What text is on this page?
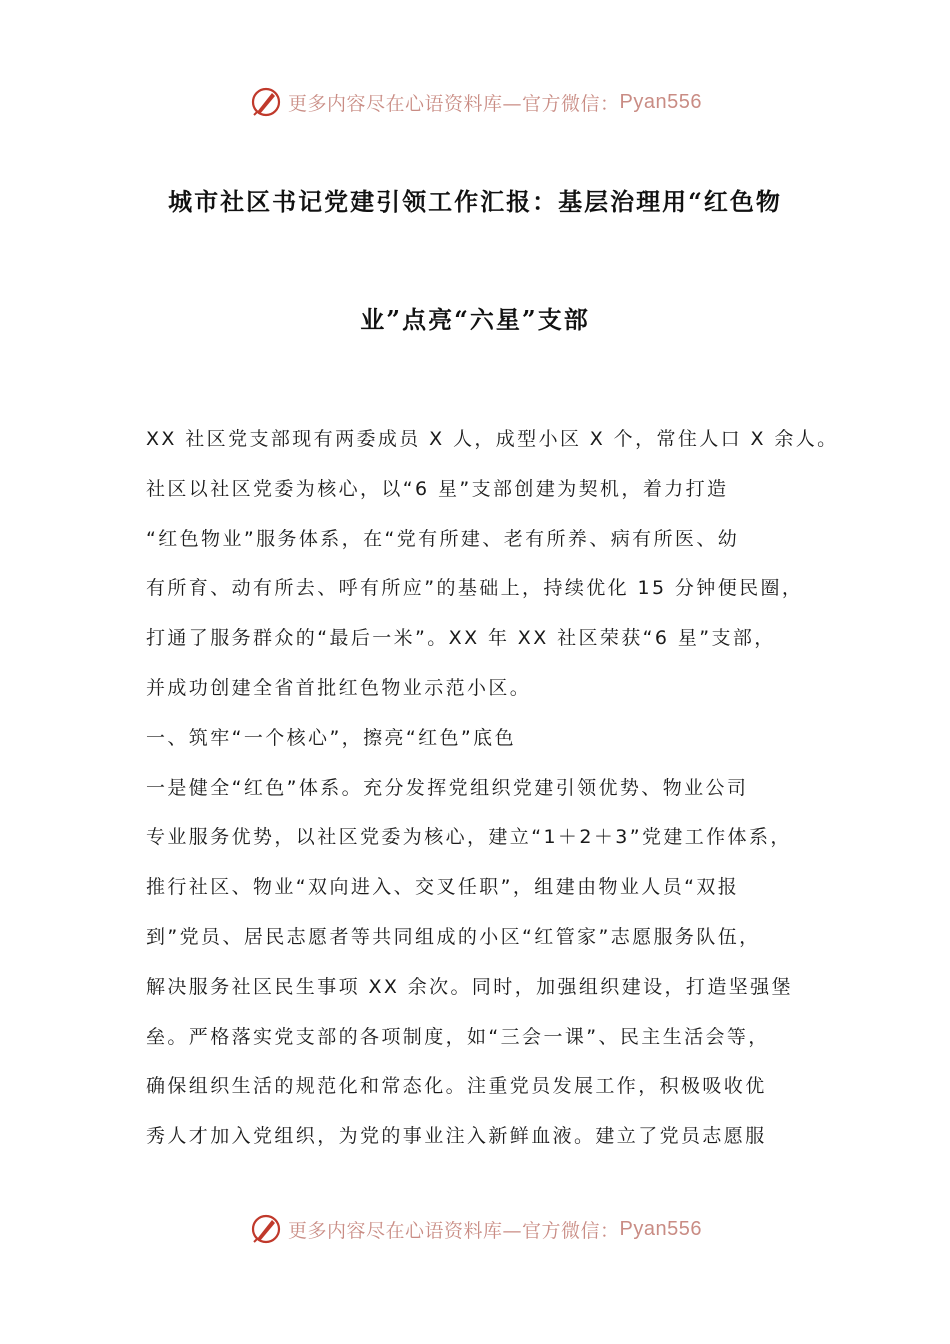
更多内容尽在心语资料库—官方微信： Pyan556
城市社区书记党建引领工作汇报：基层治理用“红色物
业”点亮“六星”支部
XX 社区党支部现有两委成员 X 人，成型小区 X 个，常住人口 X 余人。
社区以社区党委为核心，以“6 星”支部创建为契机，着力打造
“红色物业”服务体系，在“党有所建、老有所养、病有所医、幼
有所育、动有所去、呼有所应”的基础上，持续优化 15 分钟便民圈，
打通了服务群众的“最后一米”。XX 年 XX 社区荣获“6 星”支部，
并成功创建全省首批红色物业示范小区。
一、筑牢“一个核心”，擦亮“红色”底色
一是健全“红色”体系。充分发挥党组织党建引领优势、物业公司
专业服务优势，以社区党委为核心，建立“1＋2＋3”党建工作体系，
推行社区、物业“双向进入、交叉任职”，组建由物业人员“双报
到”党员、居民志愿者等共同组成的小区“红管家”志愿服务队伍，
解决服务社区民生事项 XX 余次。同时，加强组织建设，打造坚强堡
垒。严格落实党支部的各项制度，如“三会一课”、民主生活会等，
确保组织生活的规范化和常态化。注重党员发展工作，积极吸收优
秀人才加入党组织，为党的事业注入新鲜血液。建立了党员志愿服
更多内容尽在心语资料库—官方微信： Pyan556
